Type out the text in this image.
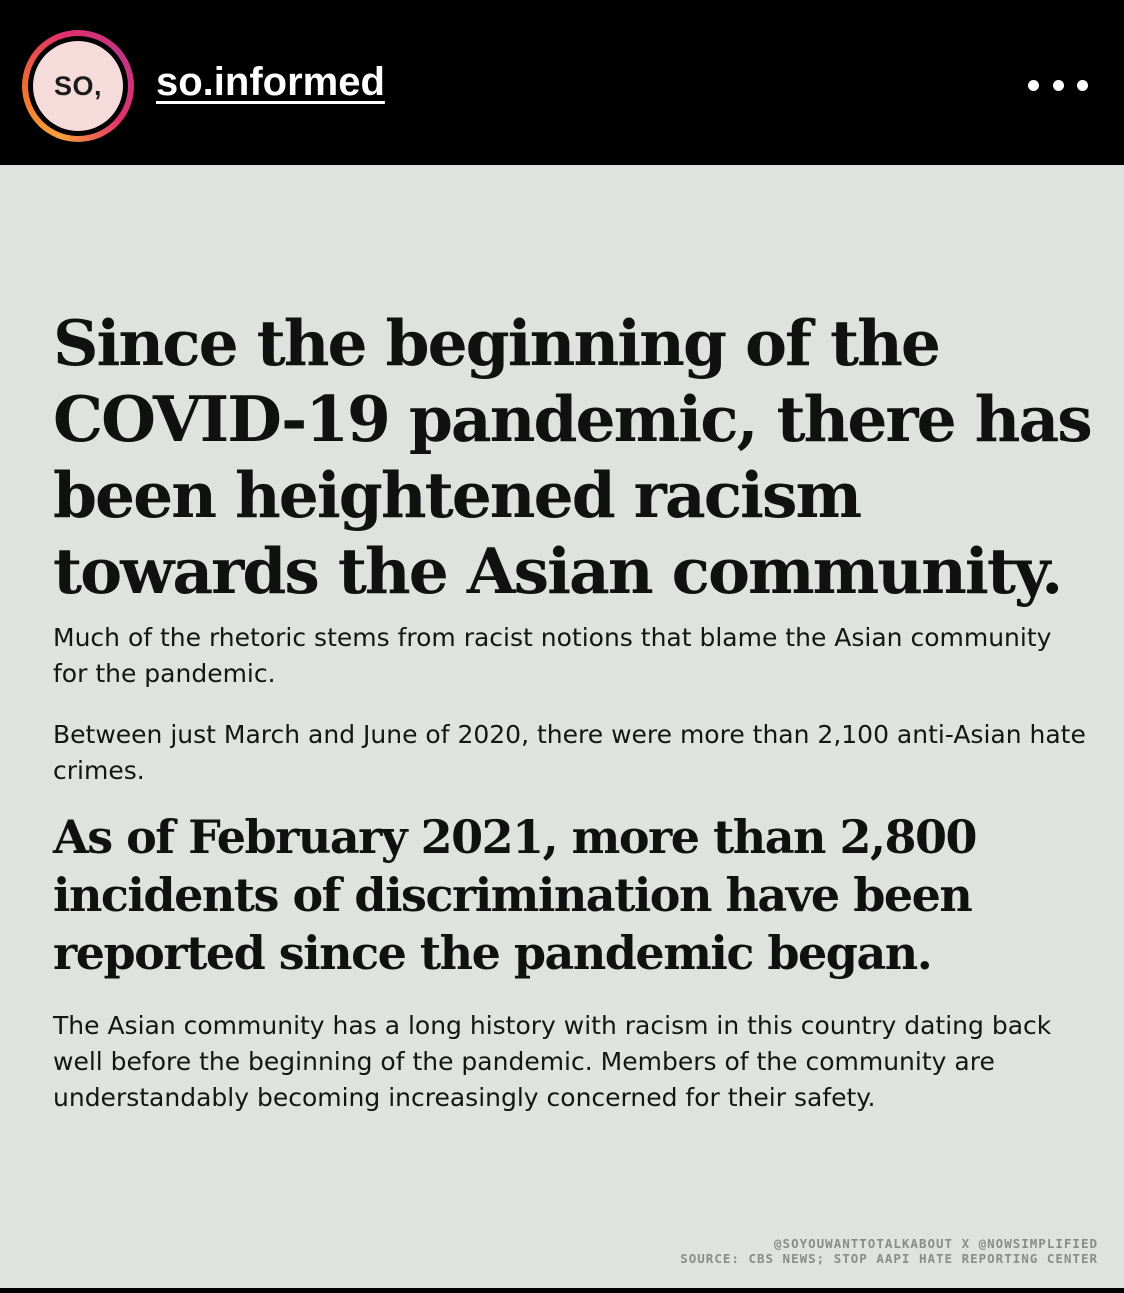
SO, so.informed
Since the beginning of the COVID-19 pandemic, there has been heightened racism towards the Asian community.
Much of the rhetoric stems from racist notions that blame the Asian community for the pandemic.
Between just March and June of 2020, there were more than 2,100 anti-Asian hate crimes.
As of February 2021, more than 2,800 incidents of discrimination have been reported since the pandemic began.
The Asian community has a long history with racism in this country dating back well before the beginning of the pandemic. Members of the community are understandably becoming increasingly concerned for their safety.
@SOYOUWANTTOTALKABOUT X @NOWSIMPLIFIED
SOURCE: CBS NEWS; STOP AAPI HATE REPORTING CENTER
